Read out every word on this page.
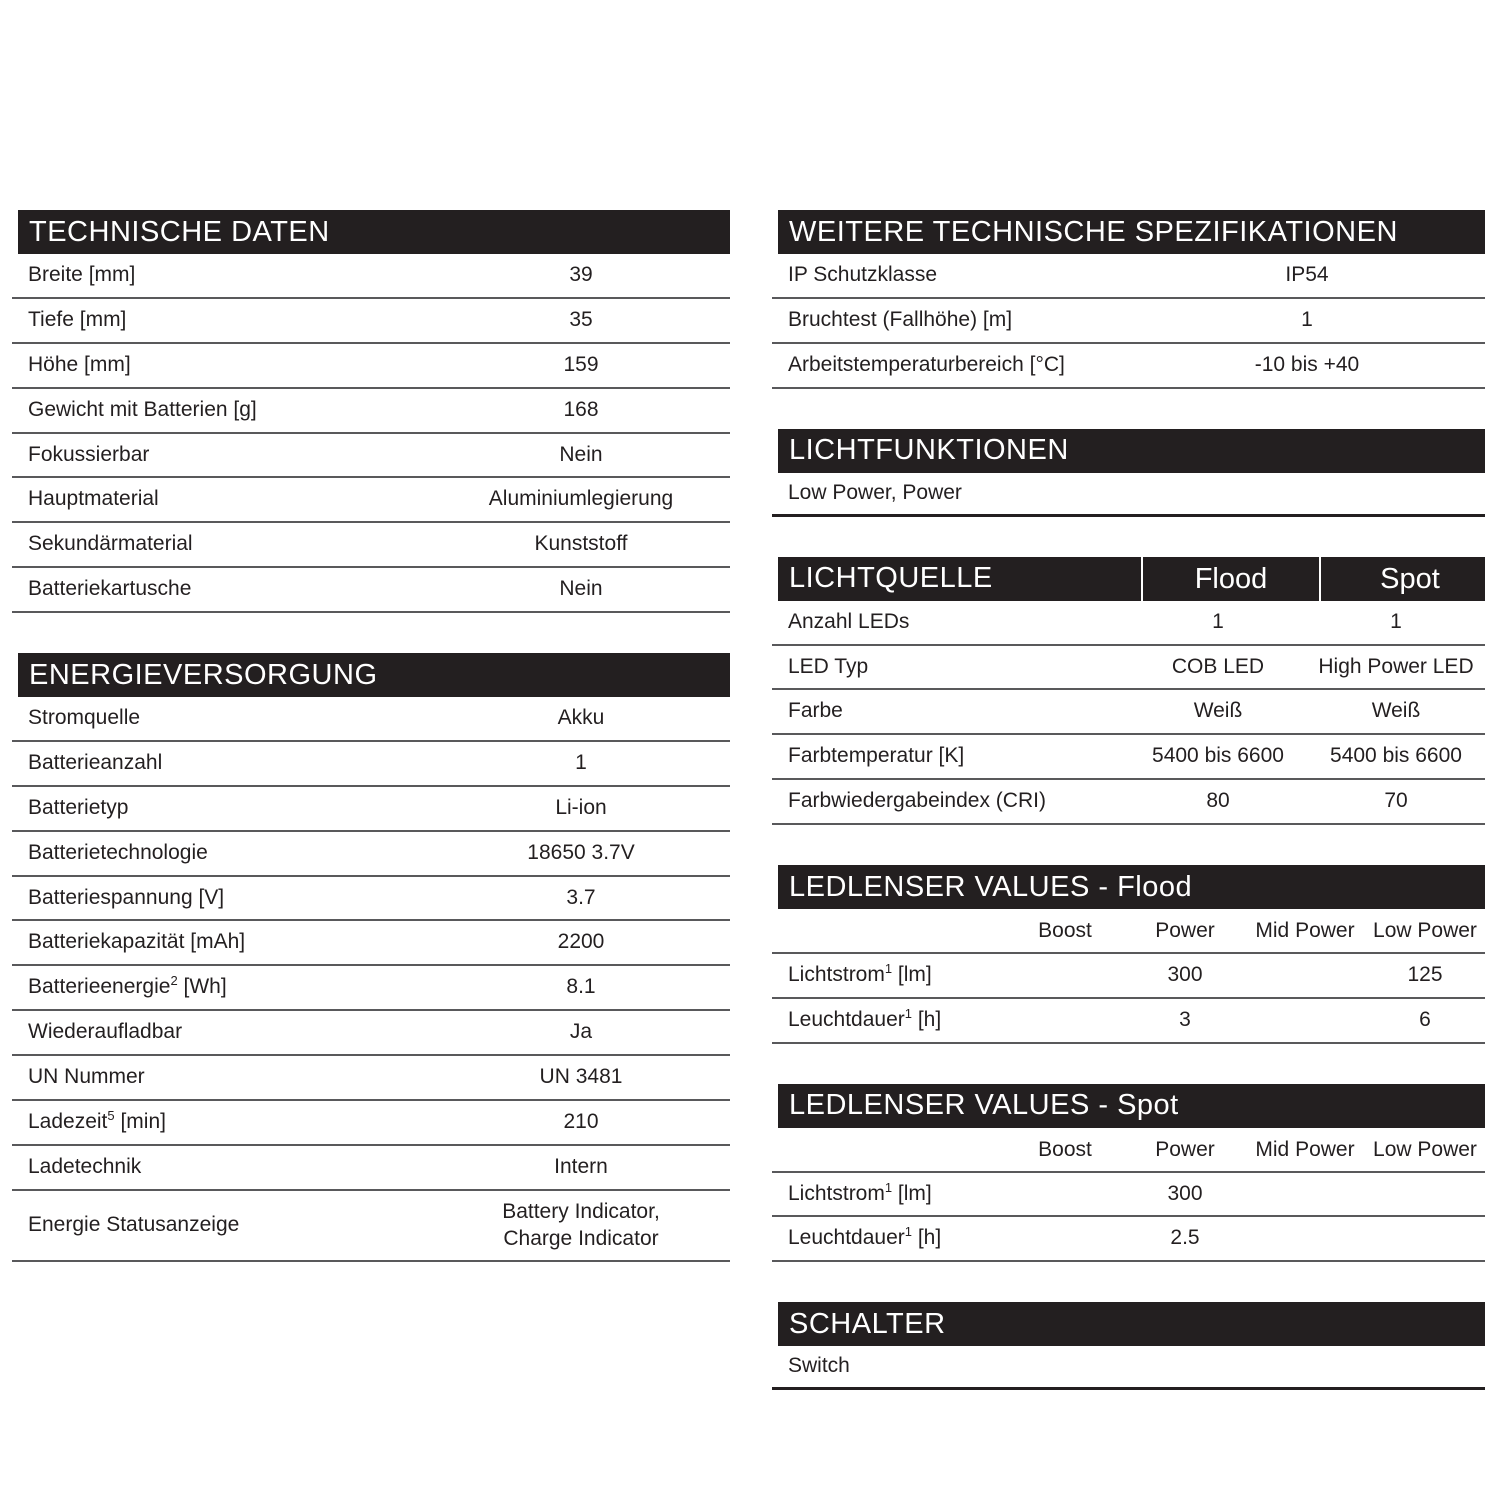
TECHNISCHE DATEN
Breite [mm]	39
Tiefe [mm]	35
Höhe [mm]	159
Gewicht mit Batterien [g]	168
Fokussierbar	Nein
Hauptmaterial	Aluminiumlegierung
Sekundärmaterial	Kunststoff
Batteriekartusche	Nein
ENERGIEVERSORGUNG
Stromquelle	Akku
Batterieanzahl	1
Batterietyp	Li-ion
Batterietechnologie	18650 3.7V
Batteriespannung [V]	3.7
Batteriekapazität [mAh]	2200
Batterieenergie$^2$ [Wh]	8.1
Wiederaufladbar	Ja
UN Nummer	UN 3481
Ladezeit$^5$ [min]	210
Ladetechnik	Intern
Energie Statusanzeige	Battery Indicator,
Charge Indicator
WEITERE TECHNISCHE SPEZIFIKATIONEN
IP Schutzklasse	IP54
Bruchtest (Fallhöhe) [m]	1
Arbeitstemperaturbereich [°C]	-10 bis +40
LICHTFUNKTIONEN
Low Power, Power
LICHTQUELLE	Flood	Spot
Anzahl LEDs	1	1
LED Typ	COB LED	High Power LED
Farbe	Weiß	Weiß
Farbtemperatur [K]	5400 bis 6600	5400 bis 6600
Farbwiedergabeindex (CRI)	80	70
LEDLENSER VALUES - Flood
	Boost	Power	Mid Power	Low Power
Lichtstrom$^1$ [lm]		300		125
Leuchtdauer$^1$ [h]		3		6
LEDLENSER VALUES - Spot
	Boost	Power	Mid Power	Low Power
Lichtstrom$^1$ [lm]		300		
Leuchtdauer$^1$ [h]		2.5		
SCHALTER
Switch
